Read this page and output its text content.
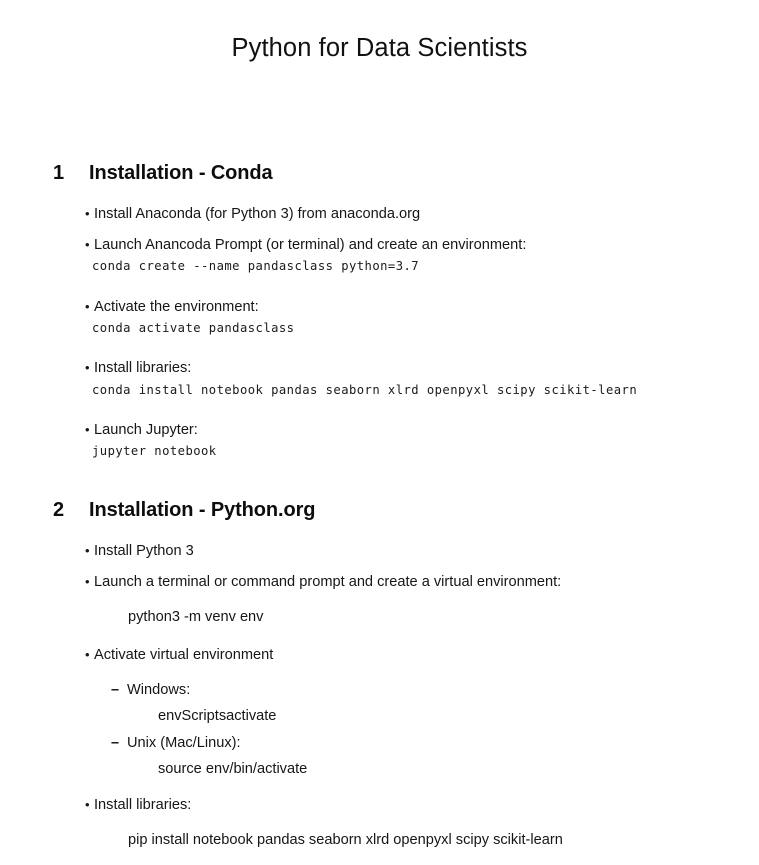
Python for Data Scientists
1 Installation - Conda
• Install Anaconda (for Python 3) from anaconda.org
• Launch Anancoda Prompt (or terminal) and create an environment:
conda create --name pandasclass python=3.7
• Activate the environment:
conda activate pandasclass
• Install libraries:
conda install notebook pandas seaborn xlrd openpyxl scipy scikit-learn
• Launch Jupyter:
jupyter notebook
2 Installation - Python.org
• Install Python 3
• Launch a terminal or command prompt and create a virtual environment:
python3 -m venv env
• Activate virtual environment
– Windows:
envScriptsactivate
– Unix (Mac/Linux):
source env/bin/activate
• Install libraries:
pip install notebook pandas seaborn xlrd openpyxl scipy scikit-learn
